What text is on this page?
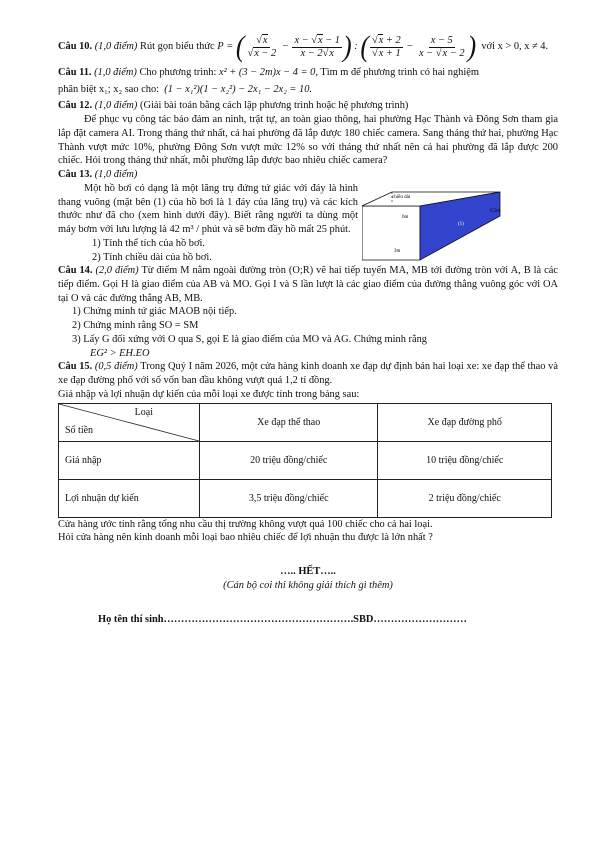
Câu 10.
(1,0 điểm)
Rút gọn biểu thức
P = ( √	x
√ x − 2
−
x − √ x − 1
x − 2 √ x ) : ( √ x + 2
√ x + 1
−
x − 5
x − √ x − 2 )
với x > 0, x ≠ 4.

Câu 11. (1,0 điểm) Cho phương trình: x² + (3 − 2m)x − 4 = 0, Tìm m để phương trình có hai nghiệm

phân biệt x₁; x₂ sao cho: (1 − x₁²)(1 − x₂²) − 2x₁ − 2x₂ = 10.

Câu 12. (1,0 điểm) (Giải bài toán bằng cách lập phương trình hoặc hệ phương trình)

Để phục vụ công tác bảo đảm an ninh, trật tự, an toàn giao thông, hai phường Hạc Thành và Đông Sơn tham gia lắp đặt camera AI. Trong tháng thứ nhất, cả hai phường đã lắp được 180 chiếc camera. Sang tháng thứ hai, phường Hạc Thành vượt mức 10%, phường Đông Sơn vượt mức 12% so với tháng thứ nhất nên cả hai phường đã lắp được 200 chiếc. Hỏi trong tháng thứ nhất, mỗi phường lắp được bao nhiêu chiếc camera?

Câu 13. (1,0 điểm)

Một hồ bơi có dạng là một lăng trụ đứng tứ giác với đáy là hình thang vuông (mặt bên (1) của hồ bơi là 1 đáy của lăng trụ) và các kích thước như đã cho (xem hình dưới đây). Biết rằng người ta dùng một máy bơm với lưu lượng là 42 m³ / phút và sẽ bơm đầy hồ mất 25 phút.

1) Tính thể tích của hồ bơi.
2) Tính chiều dài của hồ bơi.

Câu 14. (2,0 điểm) Từ điểm M nằm ngoài đường tròn (O;R) vẽ hai tiếp tuyến MA, MB tới đường tròn với A, B là các tiếp điểm. Gọi H là giao điểm của AB và MO. Gọi I và S lần lượt là các giao điểm của đường thẳng vuông góc với OA tại O và các đường thẳng AB, MB.

1) Chứng minh tứ giác MAOB nội tiếp.
2) Chứng minh rằng SO = SM
3) Lấy G đối xứng với O qua S, gọi E là giao điểm của MO và AG. Chứng minh rằng
EG² > EH.EO

Câu 15. (0,5 điểm) Trong Quý I năm 2026, một cửa hàng kinh doanh xe đạp dự định bán hai loại xe: xe đạp thể thao và xe đạp đường phố với số vốn ban đầu không vượt quá 1,2 tỉ đồng.

Giá nhập và lợi nhuận dự kiến của mỗi loại xe được tính trong bảng sau:

Loại
Số tiền	Xe đạp thể thao	Xe đạp đường phố
Giá nhập	20 triệu đồng/chiếc	10 triệu đồng/chiếc
Lợi nhuận dự kiến	3,5 triệu đồng/chiếc	2 triệu đồng/chiếc

Cửa hàng ước tính rằng tổng nhu cầu thị trường không vượt quá 100 chiếc cho cả hai loại.

Hỏi cửa hàng nên kinh doanh mỗi loại bao nhiêu chiếc để lợi nhuận thu được là lớn nhất ?

….. HẾT…..
(Cán bộ coi thi không giải thích gì thêm)
Họ tên thí sinh……………………………………………….SBD………………………
chiều dài
(1)
6m
0,5m
3m
